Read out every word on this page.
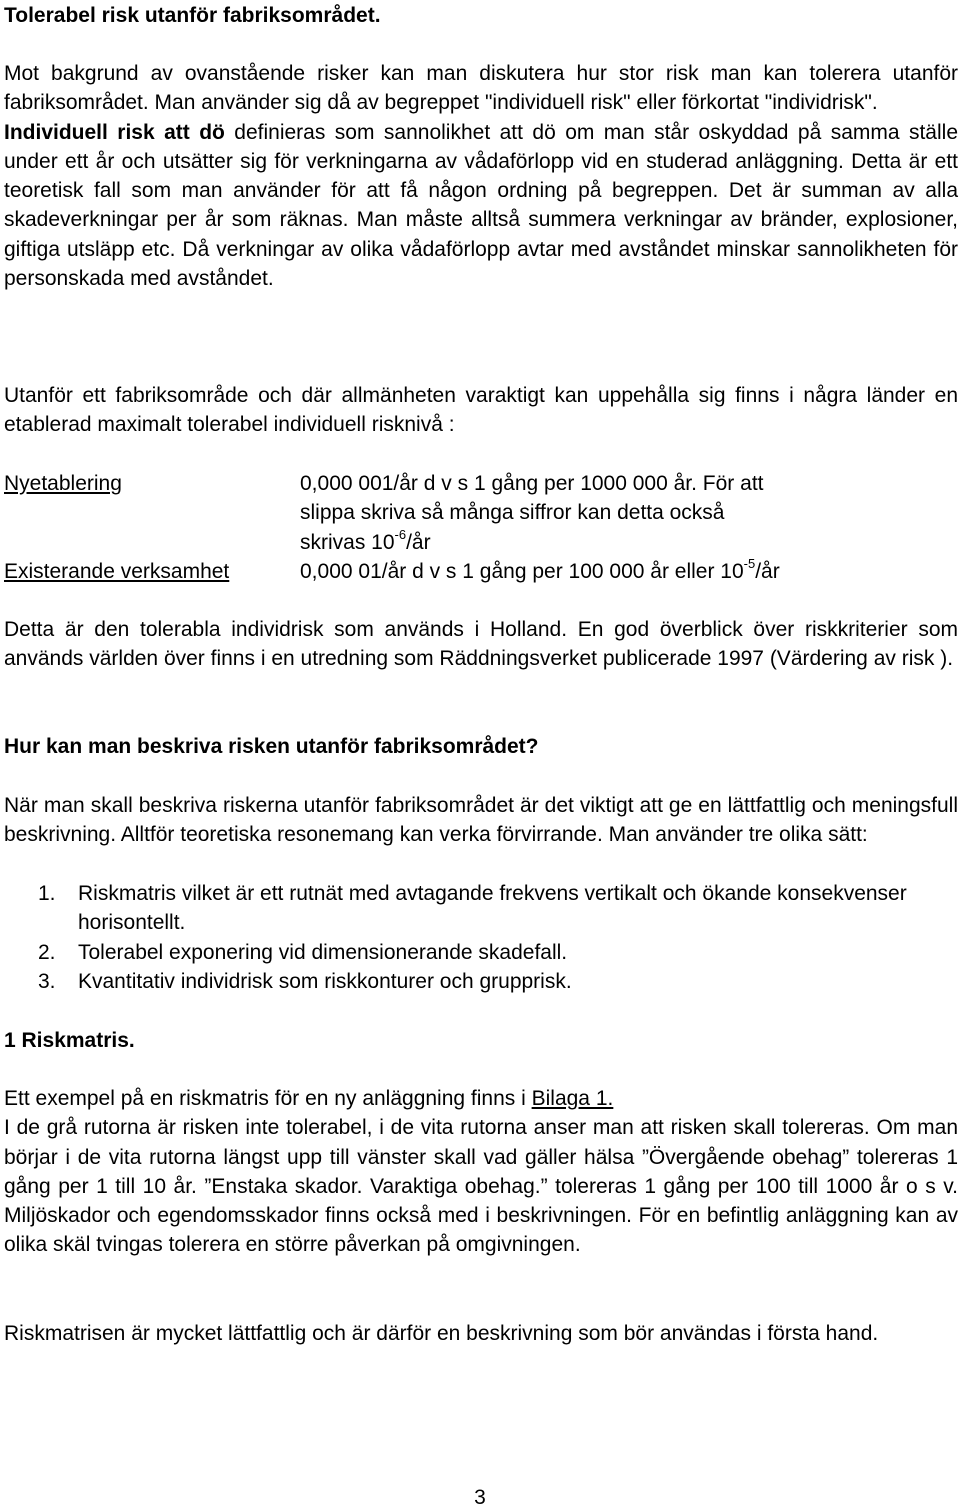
Tolerabel risk utanför fabriksområdet.
Mot bakgrund av ovanstående risker kan man diskutera hur stor risk man kan tolerera utanför fabriksområdet. Man använder sig då av begreppet "individuell risk" eller förkortat "individrisk".
Individuell risk att dö definieras som sannolikhet att dö om man står oskyddad på samma ställe under ett år och utsätter sig för verkningarna av vådaförlopp vid en studerad anläggning. Detta är ett teoretisk fall som man använder för att få någon ordning på begreppen. Det är summan av alla skadeverkningar per år som räknas. Man måste alltså summera verkningar av bränder, explosioner, giftiga utsläpp etc. Då verkningar av olika vådaförlopp avtar med avståndet minskar sannolikheten för personskada med avståndet.
Utanför ett fabriksområde och där allmänheten varaktigt kan uppehålla sig finns i några länder en etablerad maximalt tolerabel individuell risknivå :
Nyetablering	0,000 001/år d v s 1 gång per 1000 000 år. För att
slippa skriva så många siffror kan detta också
skrivas $10^{-6}/år$
Existerande verksamhet	0,000 01/år d v s 1 gång per 100 000 år eller $10^{-5}/år$
Detta är den tolerabla individrisk som används i Holland. En god överblick över riskkriterier som används världen över finns i en utredning som Räddningsverket publicerade 1997 (Värdering av risk ).
Hur kan man beskriva risken utanför fabriksområdet?
När man skall beskriva riskerna utanför fabriksområdet är det viktigt att ge en lättfattlig och meningsfull beskrivning. Alltför teoretiska resonemang kan verka förvirrande. Man använder tre olika sätt:
1. Riskmatris vilket är ett rutnät med avtagande frekvens vertikalt och ökande konsekvenser horisontellt.
2. Tolerabel exponering vid dimensionerande skadefall.
3. Kvantitativ individrisk som riskkonturer och grupprisk.
1 Riskmatris.
Ett exempel på en riskmatris för en ny anläggning finns i Bilaga 1.
I de grå rutorna är risken inte tolerabel, i de vita rutorna anser man att risken skall tolereras. Om man börjar i de vita rutorna längst upp till vänster skall vad gäller hälsa ”Övergående obehag” tolereras 1 gång per 1 till 10 år. ”Enstaka skador. Varaktiga obehag.” tolereras 1 gång per 100 till 1000 år o s v. Miljöskador och egendomsskador finns också med i beskrivningen. För en befintlig anläggning kan av olika skäl tvingas tolerera en större påverkan på omgivningen.
Riskmatrisen är mycket lättfattlig och är därför en beskrivning som bör användas i första hand.
3
